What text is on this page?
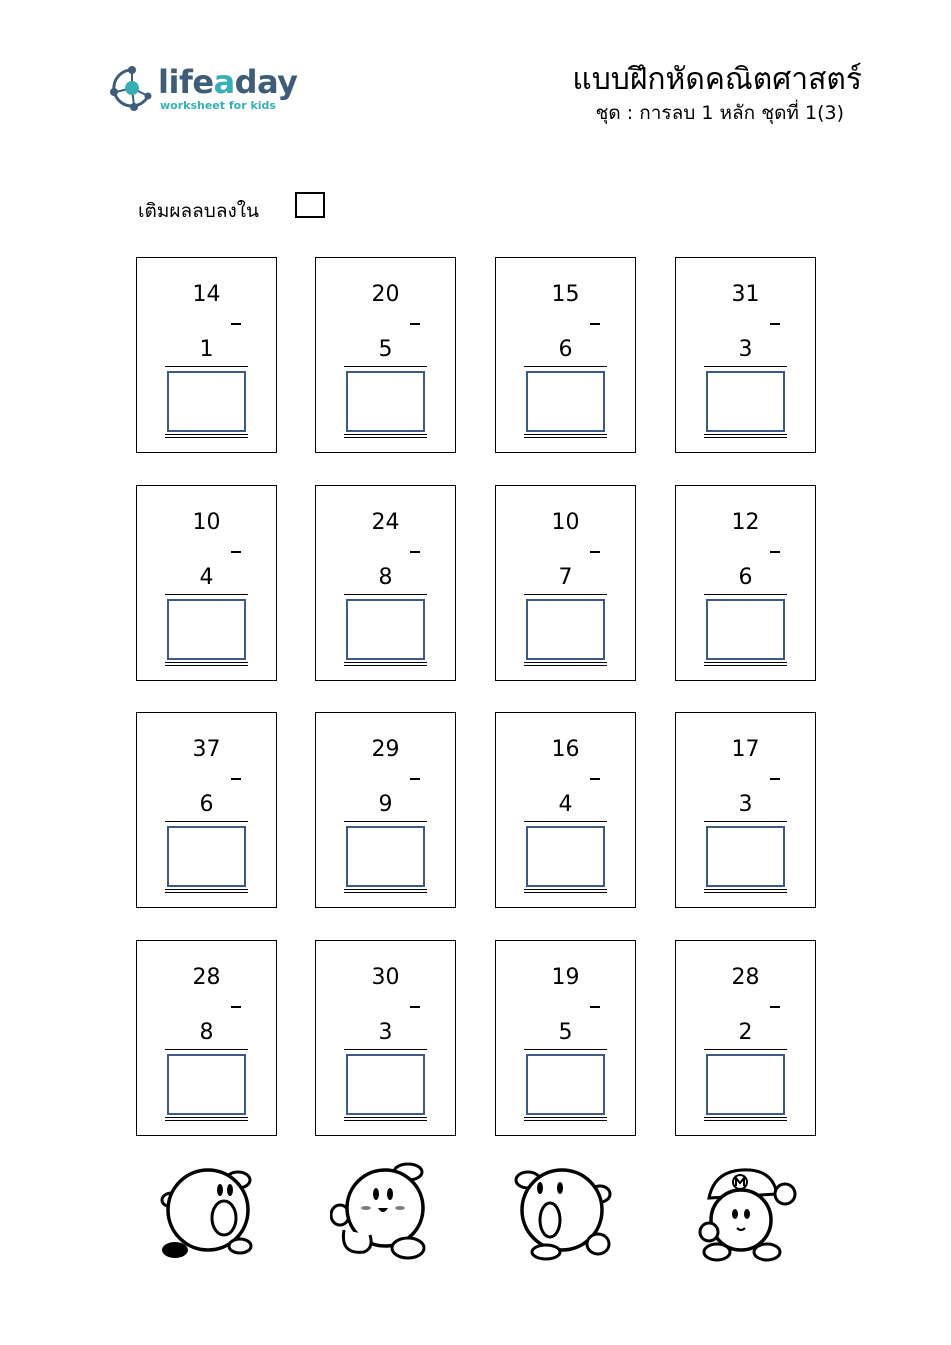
lifeaday
worksheet for kids
แบบฝึกหัดคณิตศาสตร์
ชุด : การลบ 1 หลัก ชุดที่ 1(3)
เติมผลลบลงใน
14
1
20
5
15
6
31
3
10
4
24
8
10
7
12
6
37
6
29
9
16
4
17
3
28
8
30
3
19
5
28
2
